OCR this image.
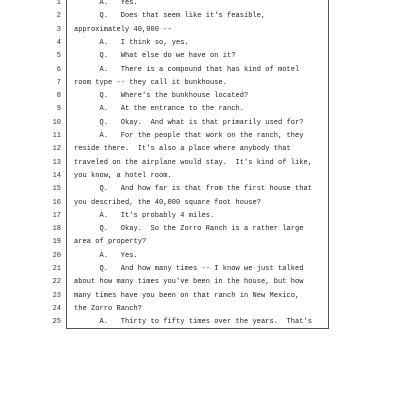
1 A.   Yes.
2 Q.   Does that seem like it's feasible,
3 approximately 40,000 --
4 A.   I think so, yes.
5 Q.   What else do we have on it?
6 A.   There is a compound that has kind of motel
7 room type -- they call it bunkhouse.
8 Q.   Where's the bunkhouse located?
9 A.   At the entrance to the ranch.
10 Q.   Okay.  And what is that primarily used for?
11 A.   For the people that work on the ranch, they
12 reside there.  It's also a place where anybody that
13 traveled on the airplane would stay.  It's kind of like,
14 you know, a hotel room.
15 Q.   And how far is that from the first house that
16 you described, the 40,000 square foot house?
17 A.   It's probably 4 miles.
18 Q.   Okay.  So the Zorro Ranch is a rather large
19 area of property?
20 A.   Yes.
21 Q.   And how many times -- I know we just talked
22 about how many times you've been in the house, but how
23 many times have you been on that ranch in New Mexico,
24 the Zorro Ranch?
25 A.   Thirty to fifty times over the years.  That's
